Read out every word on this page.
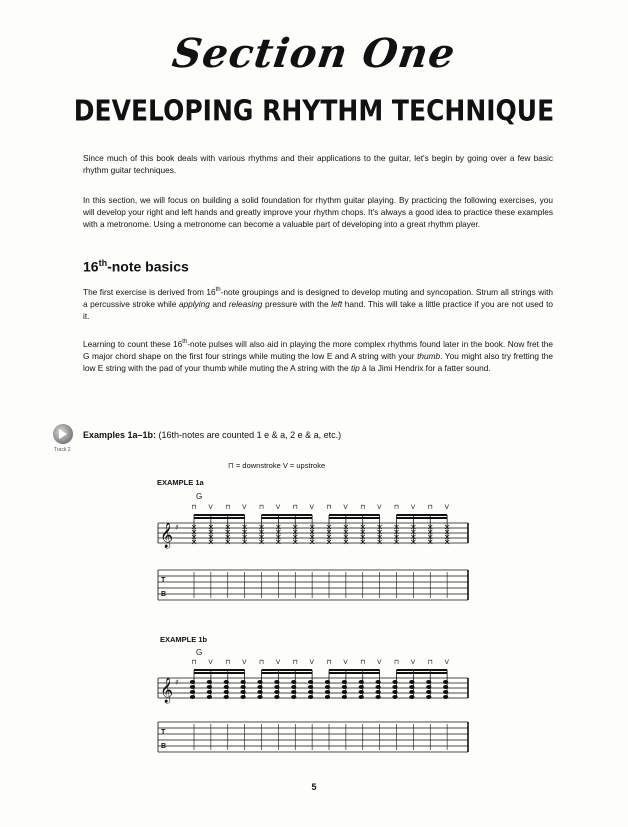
Section One
DEVELOPING RHYTHM TECHNIQUE

Since much of this book deals with various rhythms and their applications to the guitar, let's begin by going over a few basic rhythm guitar techniques.

In this section, we will focus on building a solid foundation for rhythm guitar playing. By practicing the following exercises, you will develop your right and left hands and greatly improve your rhythm chops. It's always a good idea to practice these examples with a metronome. Using a metronome can become a valuable part of developing into a great rhythm player.

16th-note basics

The first exercise is derived from 16th-note groupings and is designed to develop muting and syncopation. Strum all strings with a percussive stroke while applying and releasing pressure with the left hand. This will take a little practice if you are not used to it.

Learning to count these 16th-note pulses will also aid in playing the more complex rhythms found later in the book. Now fret the G major chord shape on the first four strings while muting the low E and A string with your thumb. You might also try fretting the low E string with the pad of your thumb while muting the A string with the tip à la Jimi Hendrix for a fatter sound.

Track 2
Examples 1a–1b: (16th-notes are counted 1 e & a, 2 e & a, etc.)
⊓ = downstroke V = upstroke
EXAMPLE 1a
G
EXAMPLE 1b
G
𝄞
T
B
♯
⊓ V ⊓ V ⊓ V ⊓ V ⊓ V ⊓ V ⊓ V ⊓ V
𝄞
T
B
♯
⊓ V ⊓ V ⊓ V ⊓ V ⊓ V ⊓ V ⊓ V ⊓ V
5
